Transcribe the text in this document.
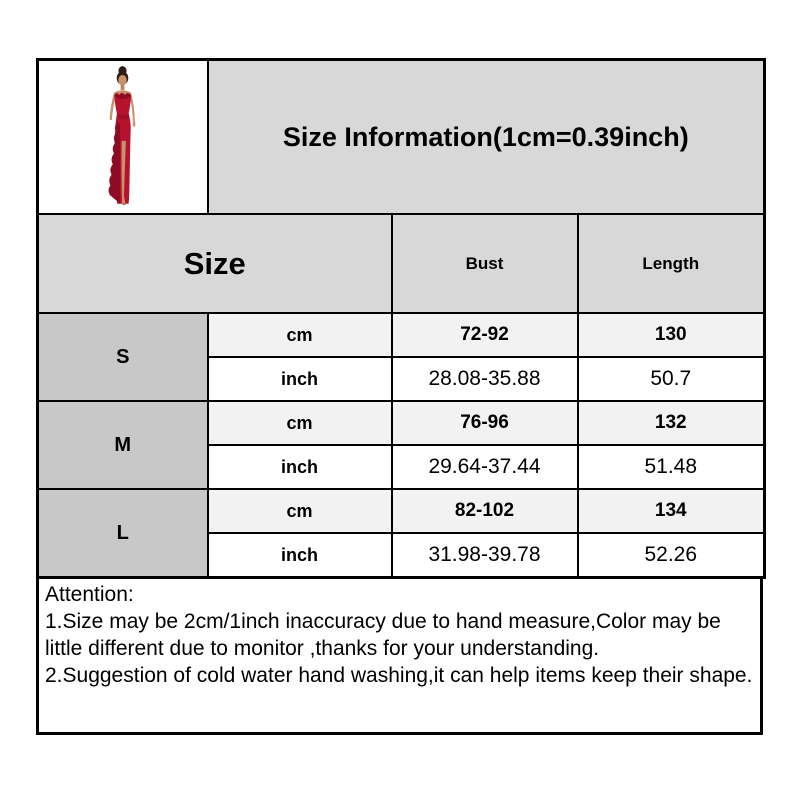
	Size Information(1cm=0.39inch)		
Size		Bust	Length
S	cm	72-92	130
	inch	28.08-35.88	50.7
M	cm	76-96	132
	inch	29.64-37.44	51.48
L	cm	82-102	134
	inch	31.98-39.78	52.26
Attention:
1.Size may be 2cm/1inch inaccuracy due to hand measure,Color may be little different due to monitor ,thanks for your understanding.
2.Suggestion of cold water hand washing,it can help items keep their shape.
